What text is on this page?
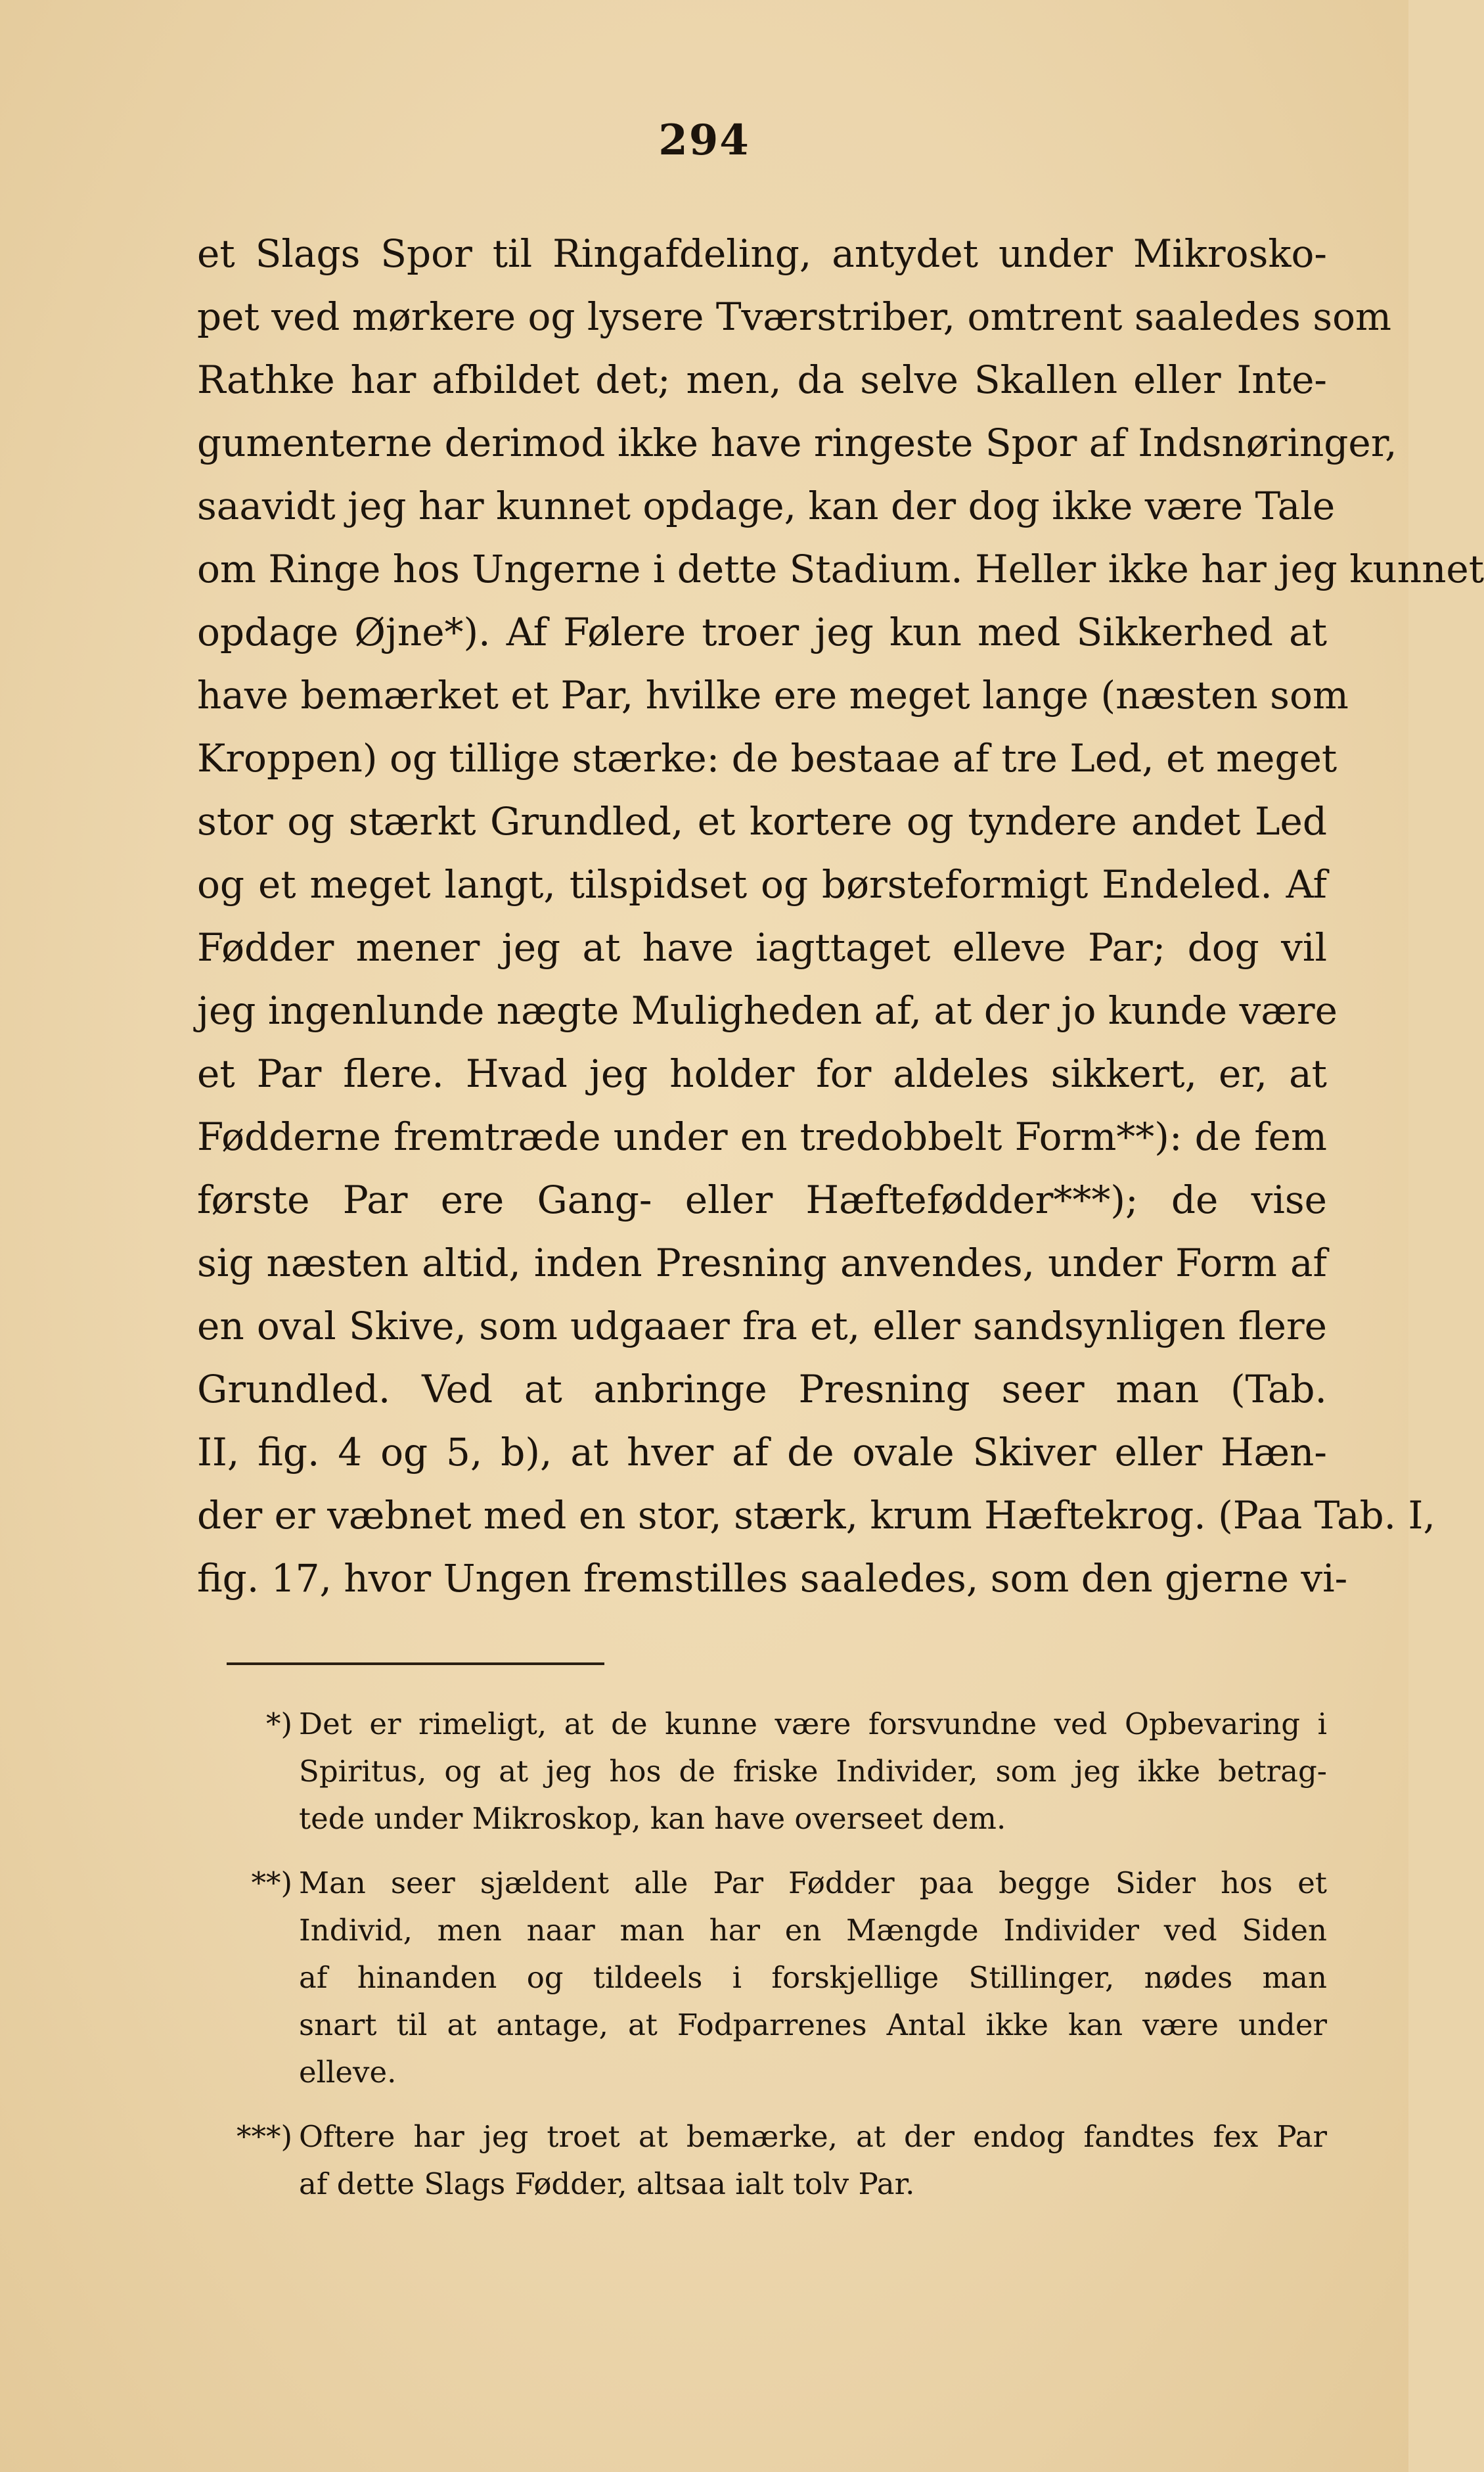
294
et Slags Spor til Ringafdeling, antydet under Mikrosko-
pet ved mørkere og lysere Tværstriber, omtrent saaledes som
Rathke har afbildet det; men, da selve Skallen eller Inte-
gumenterne derimod ikke have ringeste Spor af Indsnøringer,
saavidt jeg har kunnet opdage, kan der dog ikke være Tale
om Ringe hos Ungerne i dette Stadium. Heller ikke har jeg kunnet
opdage Øjne*). Af Følere troer jeg kun med Sikkerhed at
have bemærket et Par, hvilke ere meget lange (næsten som
Kroppen) og tillige stærke: de bestaae af tre Led, et meget
stor og stærkt Grundled, et kortere og tyndere andet Led
og et meget langt, tilspidset og børsteformigt Endeled. Af
Fødder mener jeg at have iagttaget elleve Par; dog vil
jeg ingenlunde nægte Muligheden af, at der jo kunde være
et Par flere. Hvad jeg holder for aldeles sikkert, er, at
Fødderne fremtræde under en tredobbelt Form**): de fem
første Par ere Gang- eller Hæftefødder***); de vise
sig næsten altid, inden Presning anvendes, under Form af
en oval Skive, som udgaaer fra et, eller sandsynligen flere
Grundled. Ved at anbringe Presning seer man (Tab.
II, fig. 4 og 5, b), at hver af de ovale Skiver eller Hæn-
der er væbnet med en stor, stærk, krum Hæftekrog. (Paa Tab. I,
fig. 17, hvor Ungen fremstilles saaledes, som den gjerne vi-
*) Det er rimeligt, at de kunne være forsvundne ved Opbevaring i
Spiritus, og at jeg hos de friske Individer, som jeg ikke betrag-
tede under Mikroskop, kan have overseet dem.
**) Man seer sjældent alle Par Fødder paa begge Sider hos et
Individ, men naar man har en Mængde Individer ved Siden
af hinanden og tildeels i forskjellige Stillinger, nødes man
snart til at antage, at Fodparrenes Antal ikke kan være under
elleve.
***) Oftere har jeg troet at bemærke, at der endog fandtes fex Par
af dette Slags Fødder, altsaa ialt tolv Par.
